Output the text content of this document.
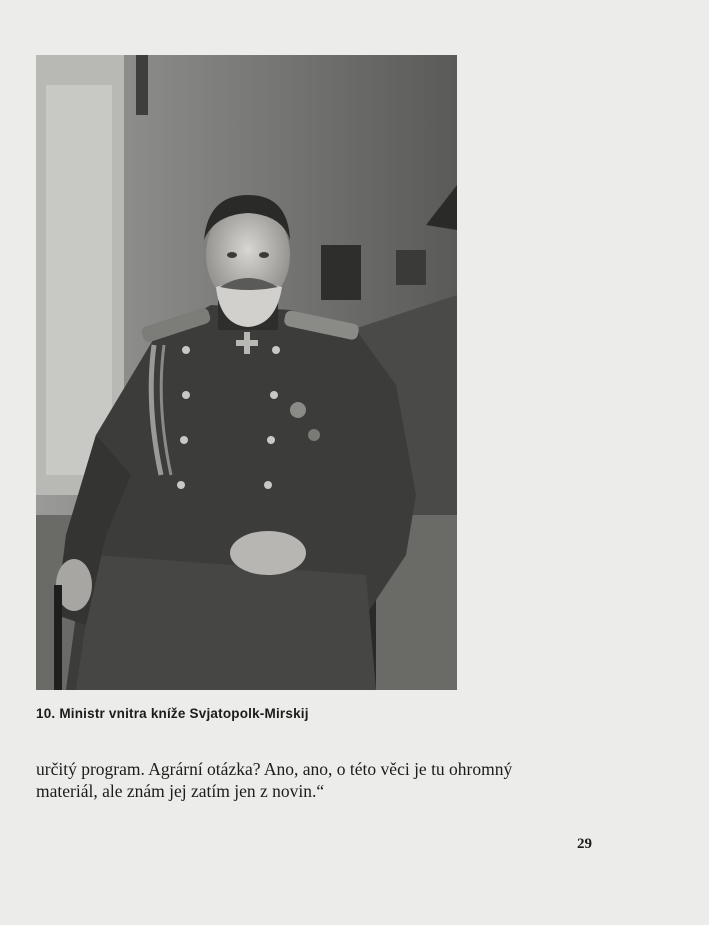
10. Ministr vnitra kníže Svjatopolk-Mirskij

určitý program. Agrární otázka? Ano, ano, o této věci je tu ohromný

materiál, ale znám jej zatím jen z novin.“

29
